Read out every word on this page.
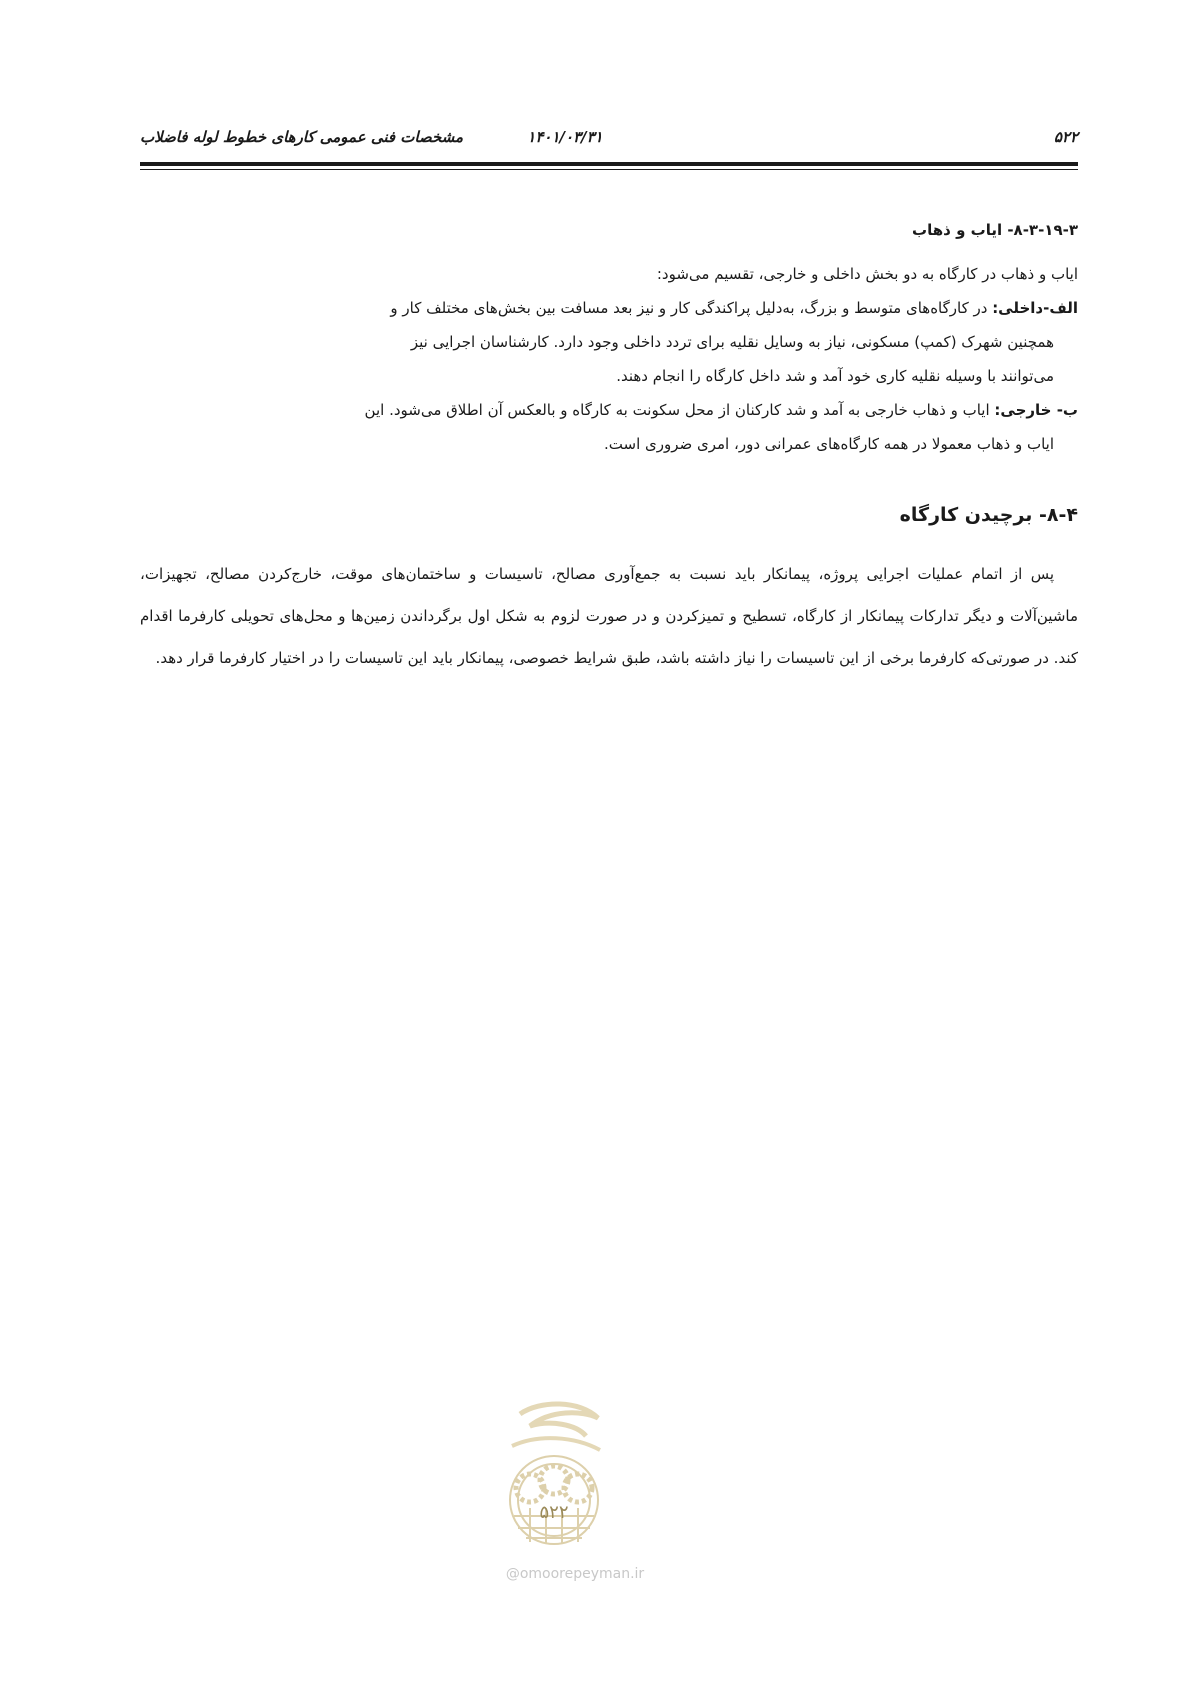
۵۲۲
۱۴۰۱/۰۳/۳۱
مشخصات فنی عمومی کارهای خطوط لوله فاضلاب
۸-۳-۱۹-۳- ایاب و ذهاب

ایاب و ذهاب در کارگاه به دو بخش داخلی و خارجی، تقسیم می‌شود:

الف-داخلی: در کارگاه‌های متوسط و بزرگ، به‌دلیل پراکندگی کار و نیز بعد مسافت بین بخش‌های مختلف کار و

همچنین شهرک (کمپ) مسکونی، نیاز به وسایل نقلیه برای تردد داخلی وجود دارد. کارشناسان اجرایی نیز

می‌توانند با وسیله نقلیه کاری خود آمد و شد داخل کارگاه را انجام دهند.

ب- خارجی: ایاب و ذهاب خارجی به آمد و شد کارکنان از محل سکونت به کارگاه و بالعکس آن اطلاق می‌شود. این

ایاب و ذهاب معمولا در همه کارگاه‌های عمرانی دور، امری ضروری است.

۸-۴- برچیدن کارگاه

پس از اتمام عملیات اجرایی پروژه، پیمانکار باید نسبت به جمع‌آوری مصالح، تاسیسات و ساختمان‌های موقت، خارج‌کردن مصالح، تجهیزات، ماشین‌آلات و دیگر تدارکات پیمانکار از کارگاه، تسطیح و تمیزکردن و در صورت لزوم به شکل اول برگرداندن زمین‌ها و محل‌های تحویلی کارفرما اقدام کند. در صورتی‌که کارفرما برخی از این تاسیسات را نیاز داشته باشد، طبق شرایط خصوصی، پیمانکار باید این تاسیسات را در اختیار کارفرما قرار دهد.

۵۲۲
@omoorepeyman.ir
